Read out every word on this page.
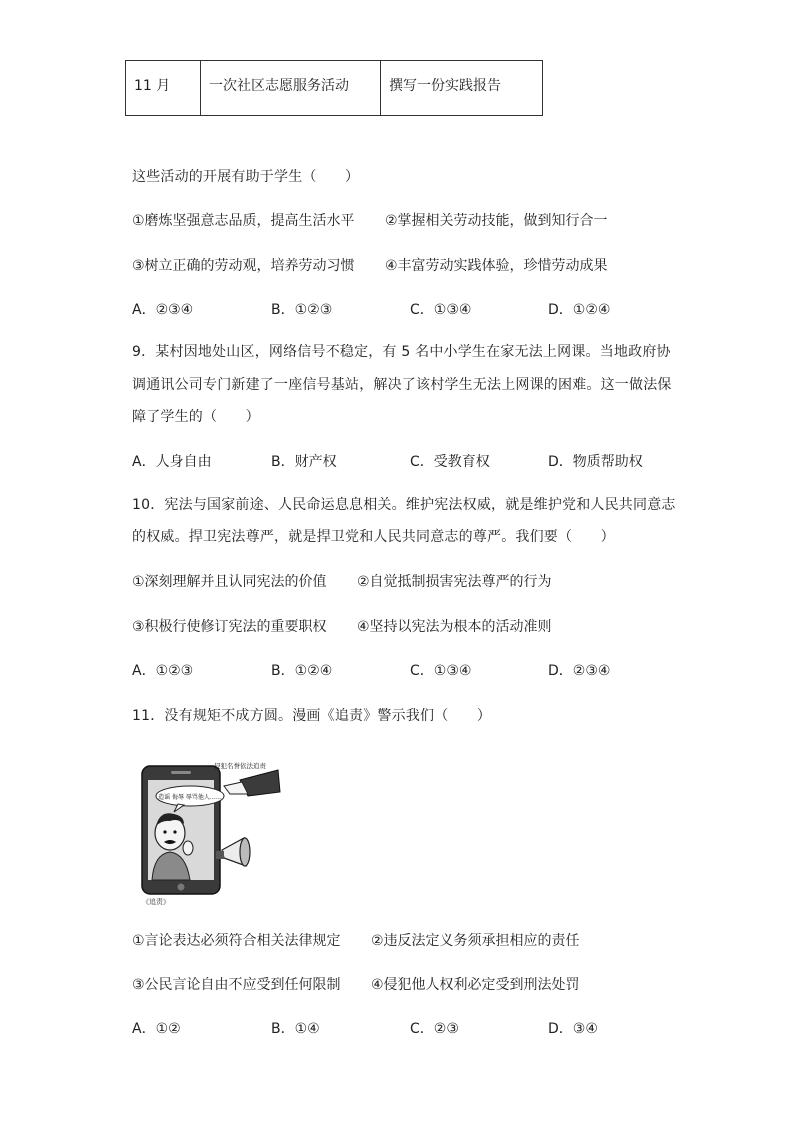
11 月	一次社区志愿服务活动	撰写一份实践报告
这些活动的开展有助于学生（　　）
①磨炼坚强意志品质，提高生活水平 ②掌握相关劳动技能，做到知行合一
③树立正确的劳动观，培养劳动习惯 ④丰富劳动实践体验，珍惜劳动成果
A．②③④	B．①②③	C．①③④	D．①②④
9．某村因地处山区，网络信号不稳定，有 5 名中小学生在家无法上网课。当地政府协
调通讯公司专门新建了一座信号基站，解决了该村学生无法上网课的困难。这一做法保
障了学生的（　　）
A．人身自由	B．财产权	C．受教育权	D．物质帮助权
10．宪法与国家前途、人民命运息息相关。维护宪法权威，就是维护党和人民共同意志
的权威。捍卫宪法尊严，就是捍卫党和人民共同意志的尊严。我们要（　　）
①深刻理解并且认同宪法的价值 ②自觉抵制损害宪法尊严的行为
③积极行使修订宪法的重要职权 ④坚持以宪法为根本的活动准则
A．①②③	B．①②④	C．①③④	D．②③④
11．没有规矩不成方圆。漫画《追责》警示我们（　　）
造谣 侮辱 辱骂他人……
侵犯名誉依法追责
《追责》
①言论表达必须符合相关法律规定 ②违反法定义务须承担相应的责任
③公民言论自由不应受到任何限制 ④侵犯他人权利必定受到刑法处罚
A．①②	B．①④	C．②③	D．③④
